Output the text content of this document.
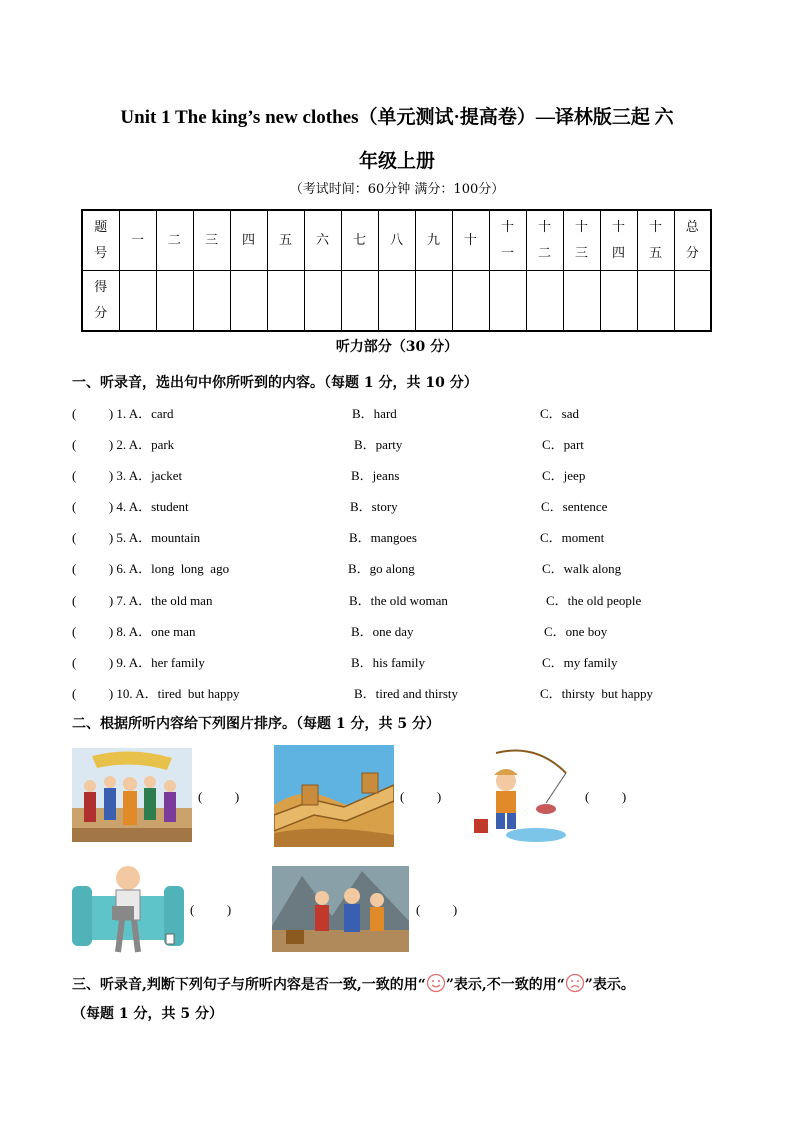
Unit 1 The king’s new clothes（单元测试·提高卷）—译林版三起 六
年级上册
（考试时间：60分钟 满分：100分）
题号	一	二	三	四	五	六	七	八	九	十	十一	十二	十三	十四	十五	总分
得分																
听力部分（30 分）
一、听录音，选出句中你所听到的内容。（每题 1 分，共 10 分）
(          ) 1. A．card	B．hard	C．sad
(          ) 2. A．park	B．party	C．part
(          ) 3. A．jacket	B．jeans	C．jeep
(          ) 4. A．student	B．story	C．sentence
(          ) 5. A．mountain	B．mangoes	C．moment
(          ) 6. A．long  long  ago	B．go along	C．walk along
(          ) 7. A．the old man	B．the old woman	C．the old people
(          ) 8. A．one man	B．one day	C．one boy
(          ) 9. A．her family	B．his family	C．my family
(          ) 10. A．tired  but happy	B．tired and thirsty	C．thirsty  but happy
二、根据所听内容给下列图片排序。（每题 1 分，共 5 分）
(          )	(          )	(          )
(          )	(          )
三、听录音,判断下列句子与所听内容是否一致,一致的用“ ”表示,不一致的用“ ”表示。
（每题 1 分，共 5 分）
